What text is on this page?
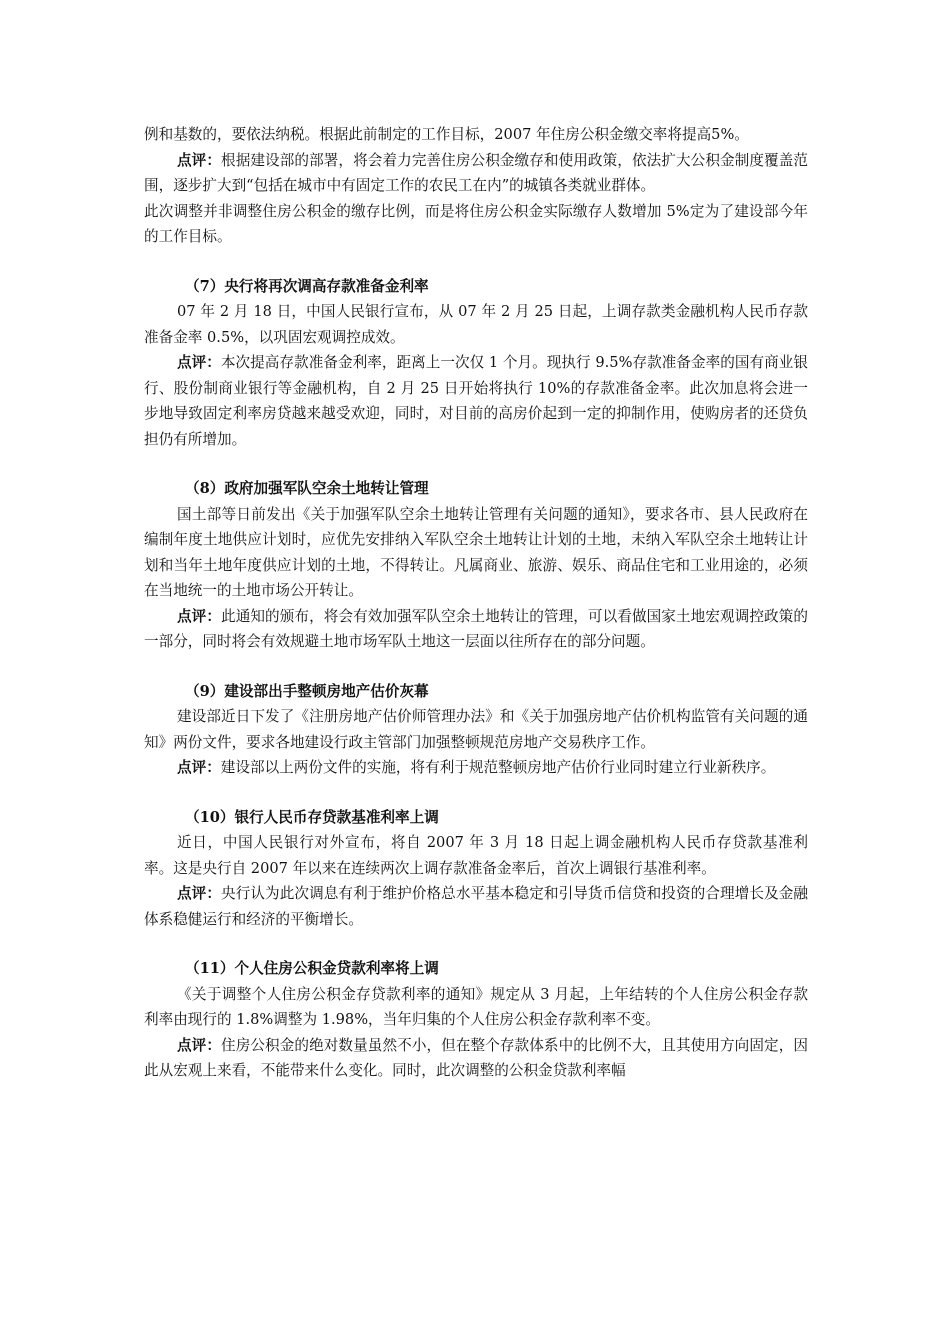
例和基数的，要依法纳税。根据此前制定的工作目标，2007 年住房公积金缴交率将提高5%。

点评：根据建设部的部署，将会着力完善住房公积金缴存和使用政策，依法扩大公积金制度覆盖范围，逐步扩大到“包括在城市中有固定工作的农民工在内”的城镇各类就业群体。

此次调整并非调整住房公积金的缴存比例，而是将住房公积金实际缴存人数增加 5%定为了建设部今年的工作目标。

（7）央行将再次调高存款准备金利率

07 年 2 月 18 日，中国人民银行宣布，从 07 年 2 月 25 日起，上调存款类金融机构人民币存款准备金率 0.5%，以巩固宏观调控成效。

点评：本次提高存款准备金利率，距离上一次仅 1 个月。现执行 9.5%存款准备金率的国有商业银行、股份制商业银行等金融机构，自 2 月 25 日开始将执行 10%的存款准备金率。此次加息将会进一步地导致固定利率房贷越来越受欢迎，同时，对目前的高房价起到一定的抑制作用，使购房者的还贷负担仍有所增加。

（8）政府加强军队空余土地转让管理

国土部等日前发出《关于加强军队空余土地转让管理有关问题的通知》，要求各市、县人民政府在编制年度土地供应计划时，应优先安排纳入军队空余土地转让计划的土地，未纳入军队空余土地转让计划和当年土地年度供应计划的土地，不得转让。凡属商业、旅游、娱乐、商品住宅和工业用途的，必须在当地统一的土地市场公开转让。

点评：此通知的颁布，将会有效加强军队空余土地转让的管理，可以看做国家土地宏观调控政策的一部分，同时将会有效规避土地市场军队土地这一层面以往所存在的部分问题。

（9）建设部出手整顿房地产估价灰幕

建设部近日下发了《注册房地产估价师管理办法》和《关于加强房地产估价机构监管有关问题的通知》两份文件，要求各地建设行政主管部门加强整顿规范房地产交易秩序工作。

点评：建设部以上两份文件的实施，将有利于规范整顿房地产估价行业同时建立行业新秩序。

（10）银行人民币存贷款基准利率上调

近日，中国人民银行对外宣布，将自 2007 年 3 月 18 日起上调金融机构人民币存贷款基准利率。这是央行自 2007 年以来在连续两次上调存款准备金率后，首次上调银行基准利率。

点评：央行认为此次调息有利于维护价格总水平基本稳定和引导货币信贷和投资的合理增长及金融体系稳健运行和经济的平衡增长。

（11）个人住房公积金贷款利率将上调

《关于调整个人住房公积金存贷款利率的通知》规定从 3 月起，上年结转的个人住房公积金存款利率由现行的 1.8%调整为 1.98%，当年归集的个人住房公积金存款利率不变。

点评：住房公积金的绝对数量虽然不小，但在整个存款体系中的比例不大，且其使用方向固定，因此从宏观上来看，不能带来什么变化。同时，此次调整的公积金贷款利率幅
